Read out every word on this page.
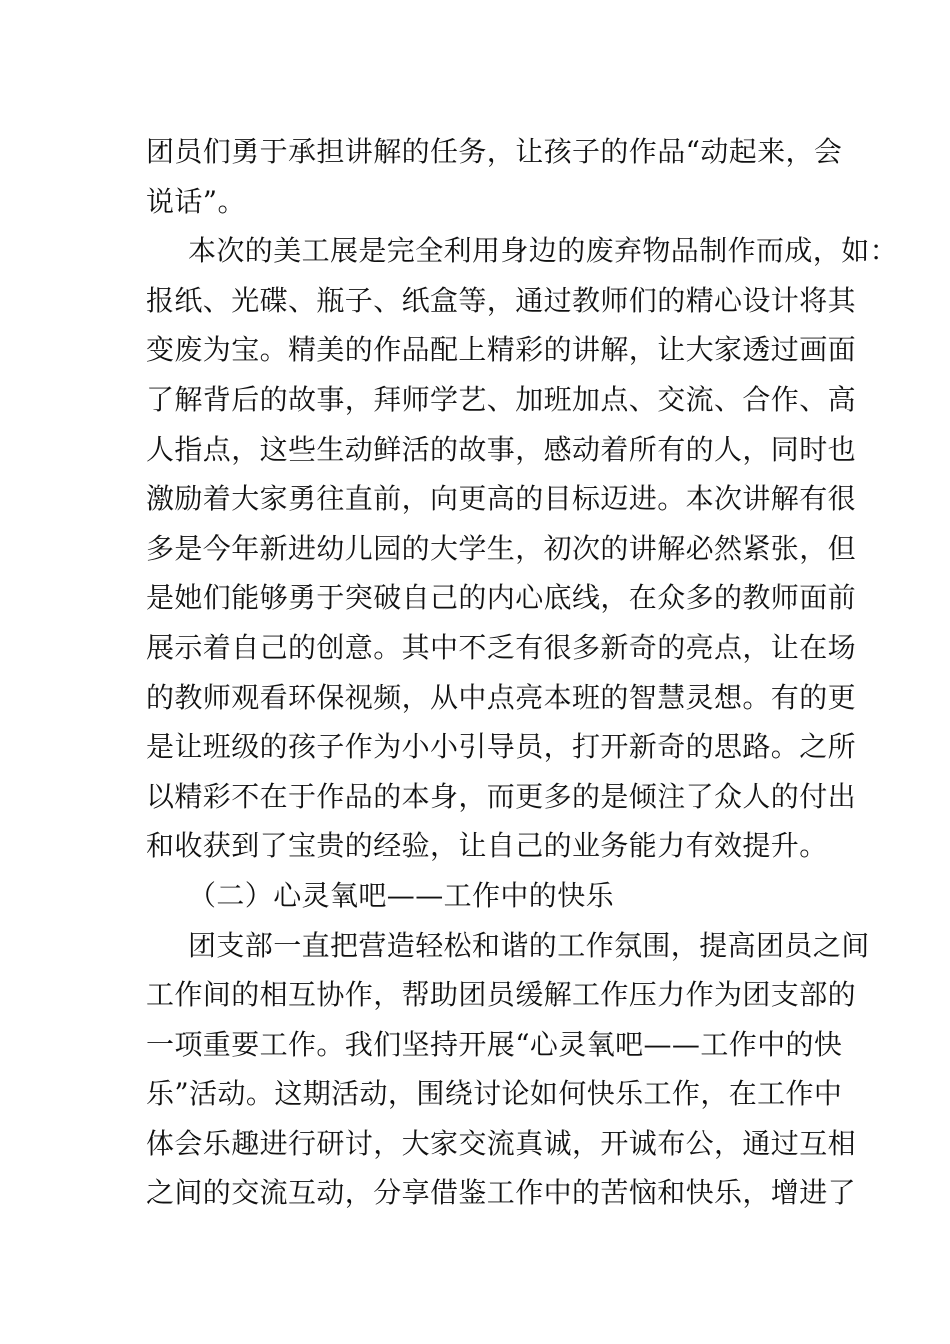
团员们勇于承担讲解的任务，让孩子的作品“动起来，会
说话”。
本次的美工展是完全利用身边的废弃物品制作而成，如：
报纸、光碟、瓶子、纸盒等，通过教师们的精心设计将其
变废为宝。精美的作品配上精彩的讲解，让大家透过画面
了解背后的故事，拜师学艺、加班加点、交流、合作、高
人指点，这些生动鲜活的故事，感动着所有的人，同时也
激励着大家勇往直前，向更高的目标迈进。本次讲解有很
多是今年新进幼儿园的大学生，初次的讲解必然紧张，但
是她们能够勇于突破自己的内心底线，在众多的教师面前
展示着自己的创意。其中不乏有很多新奇的亮点，让在场
的教师观看环保视频，从中点亮本班的智慧灵想。有的更
是让班级的孩子作为小小引导员，打开新奇的思路。之所
以精彩不在于作品的本身，而更多的是倾注了众人的付出
和收获到了宝贵的经验，让自己的业务能力有效提升。
（二）心灵氧吧——工作中的快乐
团支部一直把营造轻松和谐的工作氛围，提高团员之间
工作间的相互协作，帮助团员缓解工作压力作为团支部的
一项重要工作。我们坚持开展“心灵氧吧——工作中的快
乐”活动。这期活动，围绕讨论如何快乐工作，在工作中
体会乐趣进行研讨，大家交流真诚，开诚布公，通过互相
之间的交流互动，分享借鉴工作中的苦恼和快乐，增进了
